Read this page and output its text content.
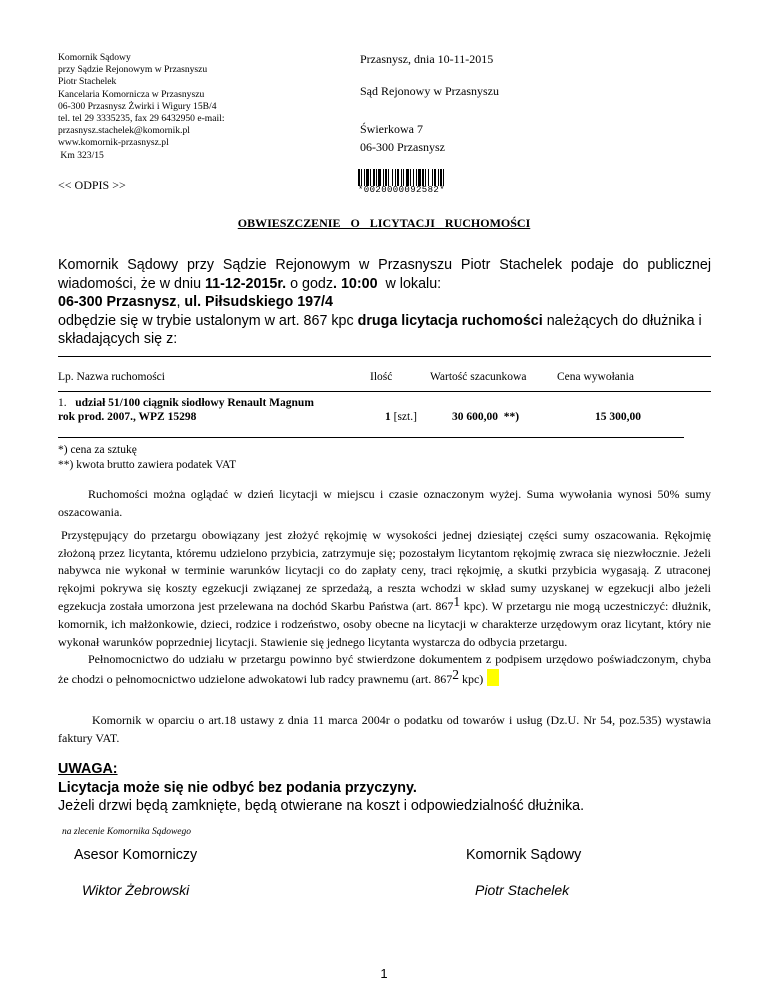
Komornik Sądowy
przy Sądzie Rejonowym w Przasnyszu
Piotr Stachelek
Kancelaria Komornicza w Przasnyszu
06-300 Przasnysz Żwirki i Wigury 15B/4
tel. tel 29 3335235, fax 29 6432950 e-mail:
przasnysz.stachelek@komornik.pl
www.komornik-przasnysz.pl
Km 323/15
Przasnysz, dnia 10-11-2015
Sąd Rejonowy w Przasnyszu
Świerkowa 7
06-300 Przasnysz
<< ODPIS >>	*0020000092582*
OBWIESZCZENIE  O  LICYTACJI  RUCHOMOŚCI

Komornik Sądowy przy Sądzie Rejonowym w Przasnyszu Piotr Stachelek podaje do publicznej wiadomości, że w dniu 11-12-2015r. o godz. 10:00  w lokalu:

06-300 Przasnysz, ul. Piłsudskiego 197/4

odbędzie się w trybie ustalonym w art. 867 kpc druga licytacja ruchomości należących do dłużnika i składających się z:

Lp. Nazwa ruchomości	Ilość	Wartość szacunkowa	Cena wywołania
1. udział 51/100 ciągnik siodłowy Renault Magnum
rok prod. 2007., WPZ 15298	1 [szt.]	30 600,00  **)	15 300,00
*) cena za sztukę
**) kwota brutto zawiera podatek VAT

Ruchomości można oglądać w dzień licytacji w miejscu i czasie oznaczonym wyżej. Suma wywołania wynosi 50% sumy oszacowania.

Przystępujący do przetargu obowiązany jest złożyć rękojmię w wysokości jednej dziesiątej części sumy oszacowania. Rękojmię złożoną przez licytanta, któremu udzielono przybicia, zatrzymuje się; pozostałym licytantom rękojmię zwraca się niezwłocznie. Jeżeli nabywca nie wykonał w terminie warunków licytacji co do zapłaty ceny, traci rękojmię, a skutki przybicia wygasają. Z utraconej rękojmi pokrywa się koszty egzekucji związanej ze sprzedażą, a reszta wchodzi w skład sumy uzyskanej w egzekucji albo jeżeli egzekucja została umorzona jest przelewana na dochód Skarbu Państwa (art. 8671 kpc). W przetargu nie mogą uczestniczyć: dłużnik, komornik, ich małżonkowie, dzieci, rodzice i rodzeństwo, osoby obecne na licytacji w charakterze urzędowym oraz licytant, który nie wykonał warunków poprzedniej licytacji. Stawienie się jednego licytanta wystarcza do odbycia przetargu.

Pełnomocnictwo do udziału w przetargu powinno być stwierdzone dokumentem z podpisem urzędowo poświadczonym, chyba że chodzi o pełnomocnictwo udzielone adwokatowi lub radcy prawnemu (art. 8672 kpc)

Komornik w oparciu o art.18 ustawy z dnia 11 marca 2004r o podatku od towarów i usług (Dz.U. Nr 54, poz.535) wystawia faktury VAT.

UWAGA:
Licytacja może się nie odbyć bez podania przyczyny.
Jeżeli drzwi będą zamknięte, będą otwierane na koszt i odpowiedzialność dłużnika.
na zlecenie Komornika Sądowego
Asesor Komorniczy	Komornik Sądowy
Wiktor Żebrowski	Piotr Stachelek
1
